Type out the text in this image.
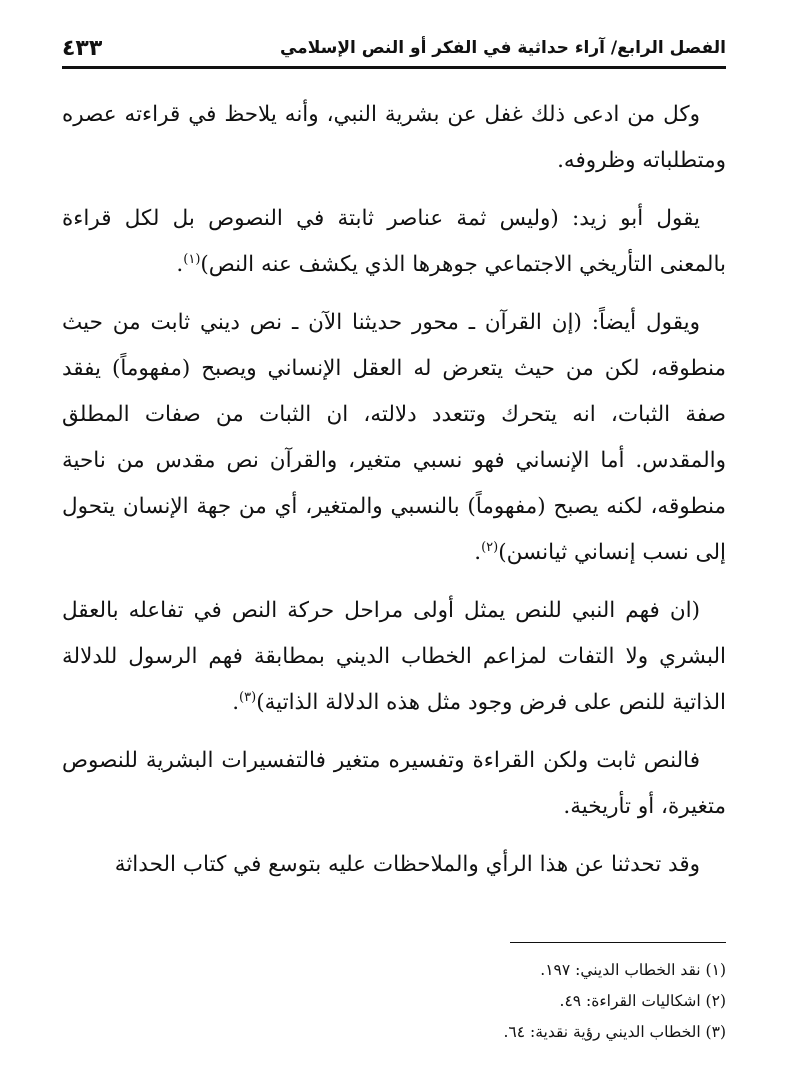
الفصل الرابع/ آراء حداثية في الفكر أو النص الإسلامي
٤٣٣

وكل من ادعى ذلك غفل عن بشرية النبي، وأنه يلاحظ في قراءته عصره ومتطلباته وظروفه.

يقول أبو زيد: (وليس ثمة عناصر ثابتة في النصوص بل لكل قراءة بالمعنى التأريخي الاجتماعي جوهرها الذي يكشف عنه النص)$^{(١)}$.

ويقول أيضاً: (إن القرآن ـ محور حديثنا الآن ـ نص ديني ثابت من حيث منطوقه، لكن من حيث يتعرض له العقل الإنساني ويصبح (مفهوماً) يفقد صفة الثبات، انه يتحرك وتتعدد دلالته، ان الثبات من صفات المطلق والمقدس. أما الإنساني فهو نسبي متغير، والقرآن نص مقدس من ناحية منطوقه، لكنه يصبح (مفهوماً) بالنسبي والمتغير، أي من جهة الإنسان يتحول إلى نسب إنساني ثيانسن)$^{(٢)}$.

(ان فهم النبي للنص يمثل أولى مراحل حركة النص في تفاعله بالعقل البشري ولا التفات لمزاعم الخطاب الديني بمطابقة فهم الرسول للدلالة الذاتية للنص على فرض وجود مثل هذه الدلالة الذاتية)$^{(٣)}$.

فالنص ثابت ولكن القراءة وتفسيره متغير فالتفسيرات البشرية للنصوص متغيرة، أو تأريخية.

وقد تحدثنا عن هذا الرأي والملاحظات عليه بتوسع في كتاب الحداثة

(١) نقد الخطاب الديني: ١٩٧.
(٢) اشكاليات القراءة: ٤٩.
(٣) الخطاب الديني رؤية نقدية: ٦٤.
